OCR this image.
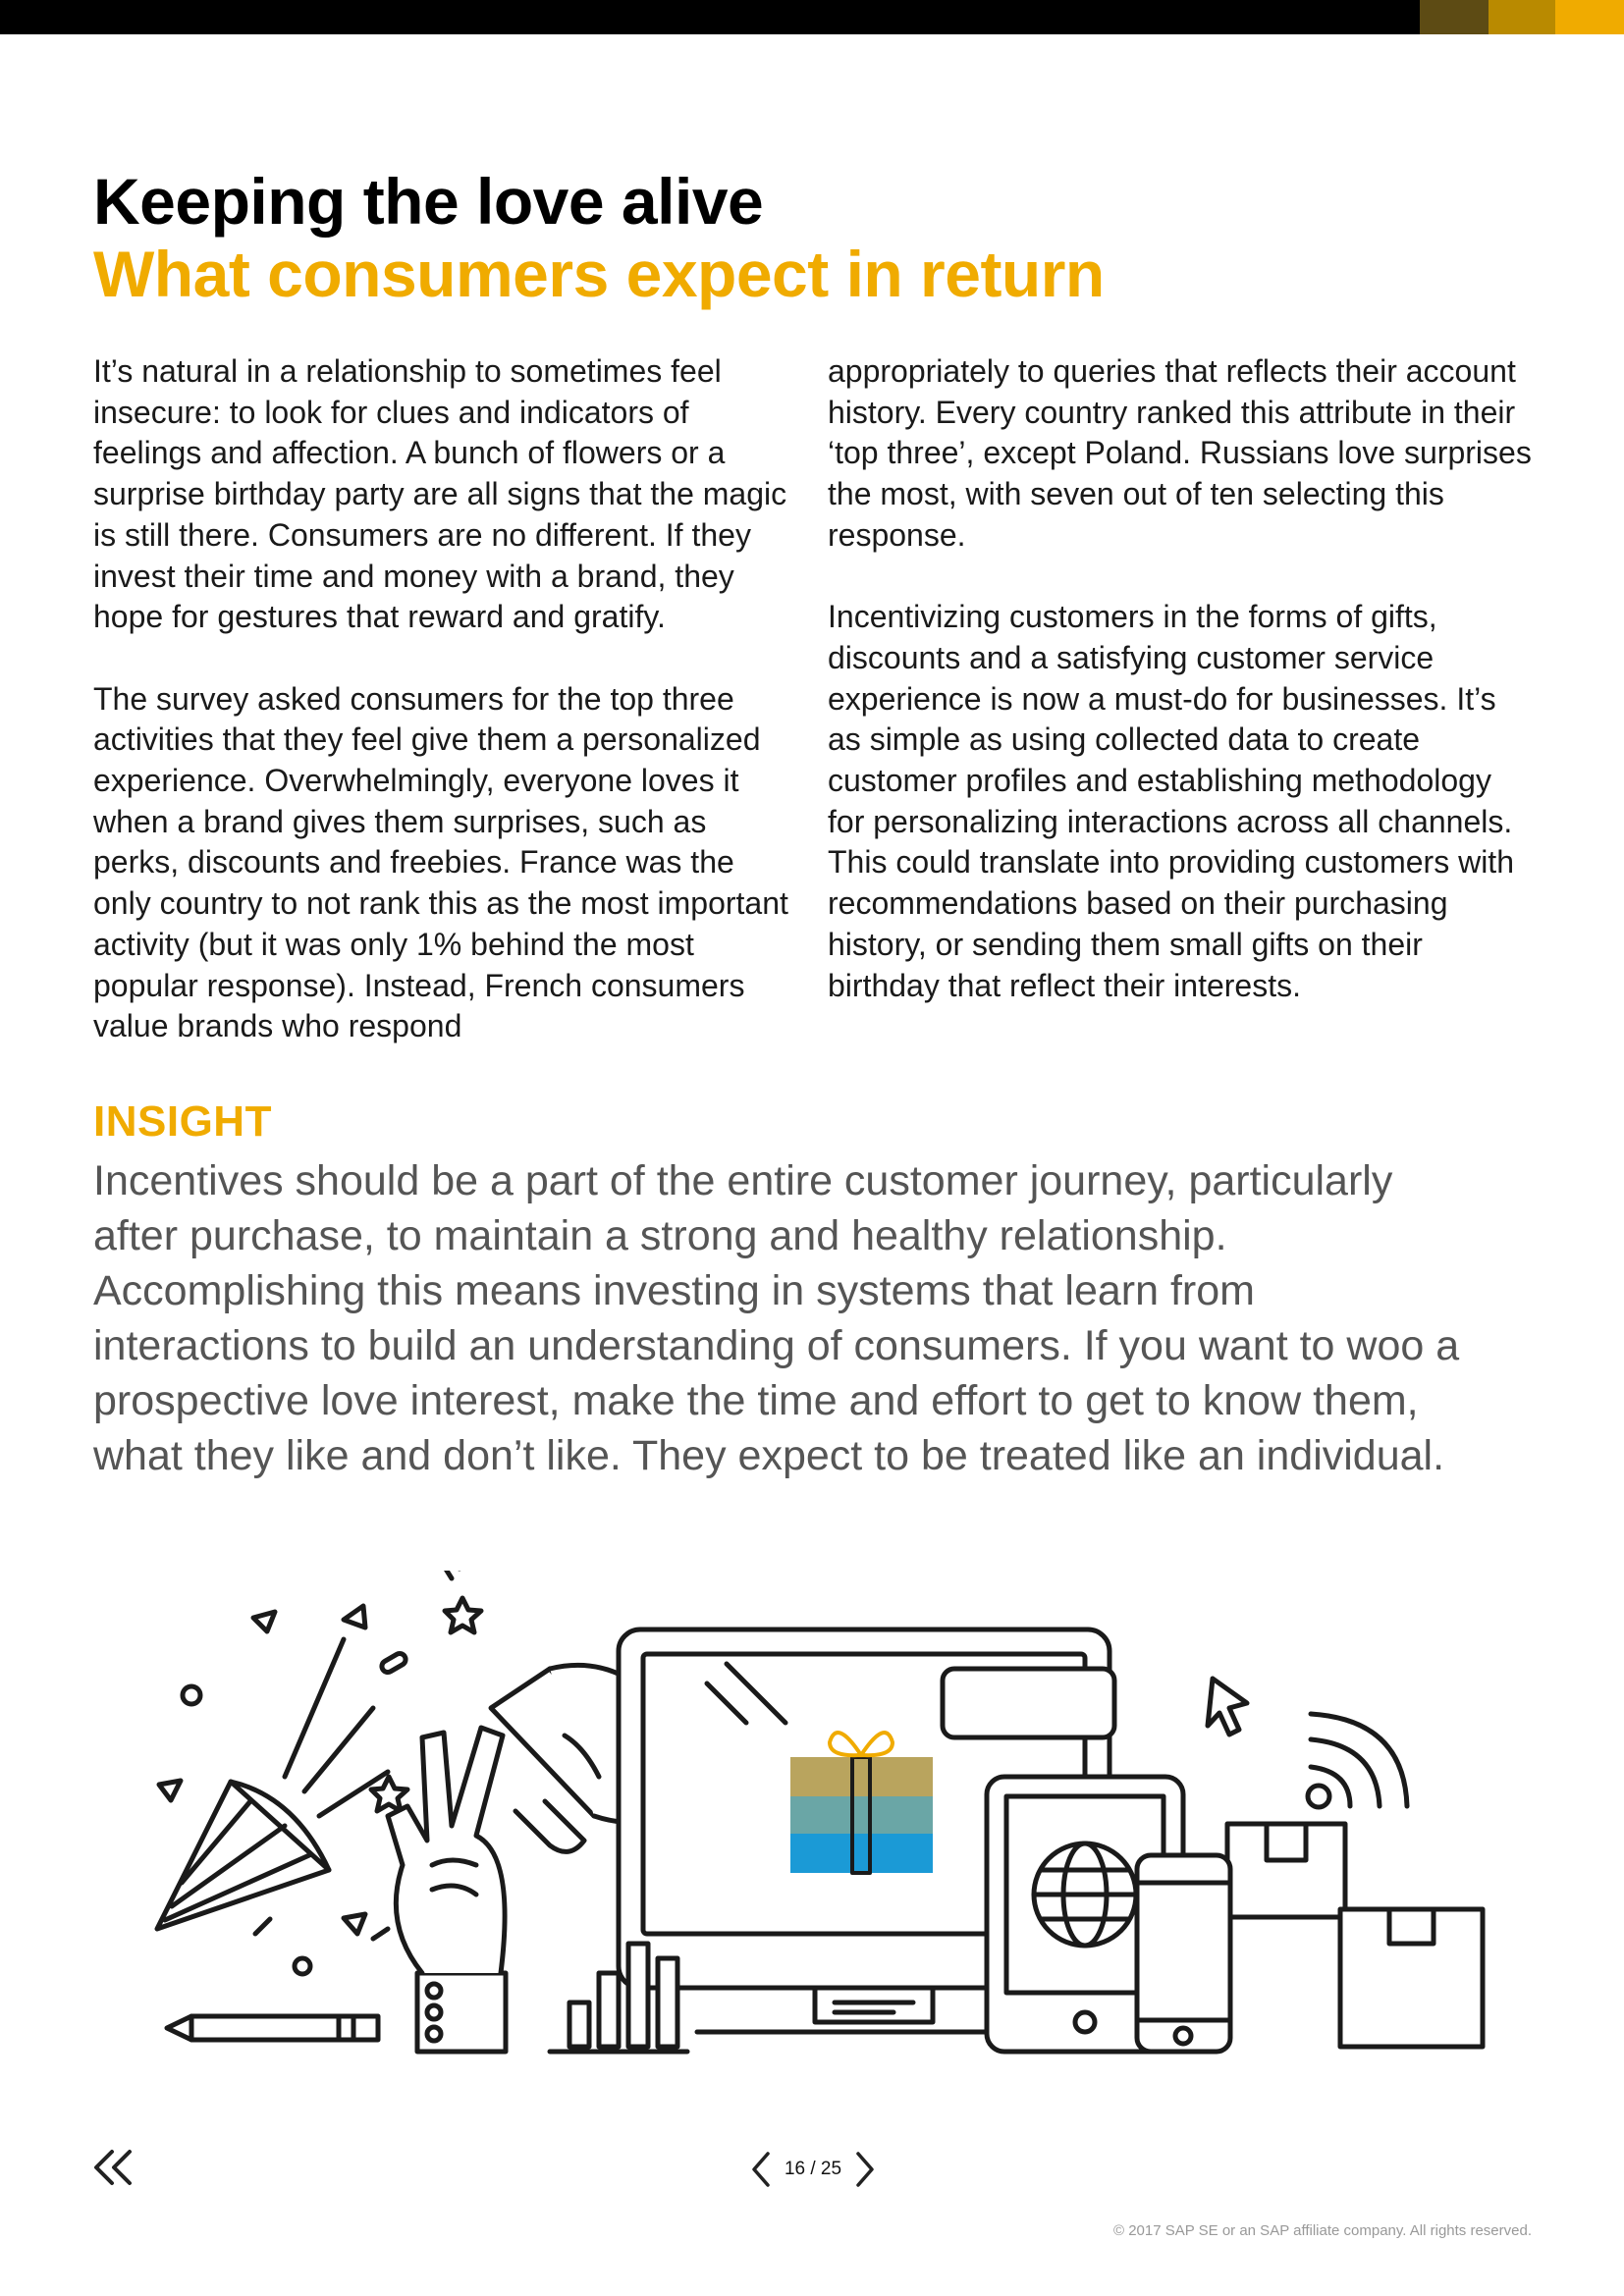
Keeping the love alive
What consumers expect in return

It’s natural in a relationship to sometimes feel insecure: to look for clues and indicators of feelings and affection. A bunch of flowers or a surprise birthday party are all signs that the magic is still there. Consumers are no different. If they invest their time and money with a brand, they hope for gestures that reward and gratify.

The survey asked consumers for the top three activities that they feel give them a personalized experience. Overwhelmingly, everyone loves it when a brand gives them surprises, such as perks, discounts and freebies. France was the only country to not rank this as the most important activity (but it was only 1% behind the most popular response). Instead, French consumers value brands who respond

appropriately to queries that reflects their account history. Every country ranked this attribute in their ‘top three’, except Poland. Russians love surprises the most, with seven out of ten selecting this response.

Incentivizing customers in the forms of gifts, discounts and a satisfying customer service experience is now a must-do for businesses. It’s as simple as using collected data to create customer profiles and establishing methodology for personalizing interactions across all channels. This could translate into providing customers with recommendations based on their purchasing history, or sending them small gifts on their birthday that reflect their interests.

INSIGHT
Incentives should be a part of the entire customer journey, particularly after purchase, to maintain a strong and healthy relationship. Accomplishing this means investing in systems that learn from interactions to build an understanding of consumers. If you want to woo a prospective love interest, make the time and effort to get to know them, what they like and don’t like. They expect to be treated like an individual.
16 / 25
© 2017 SAP SE or an SAP affiliate company. All rights reserved.
